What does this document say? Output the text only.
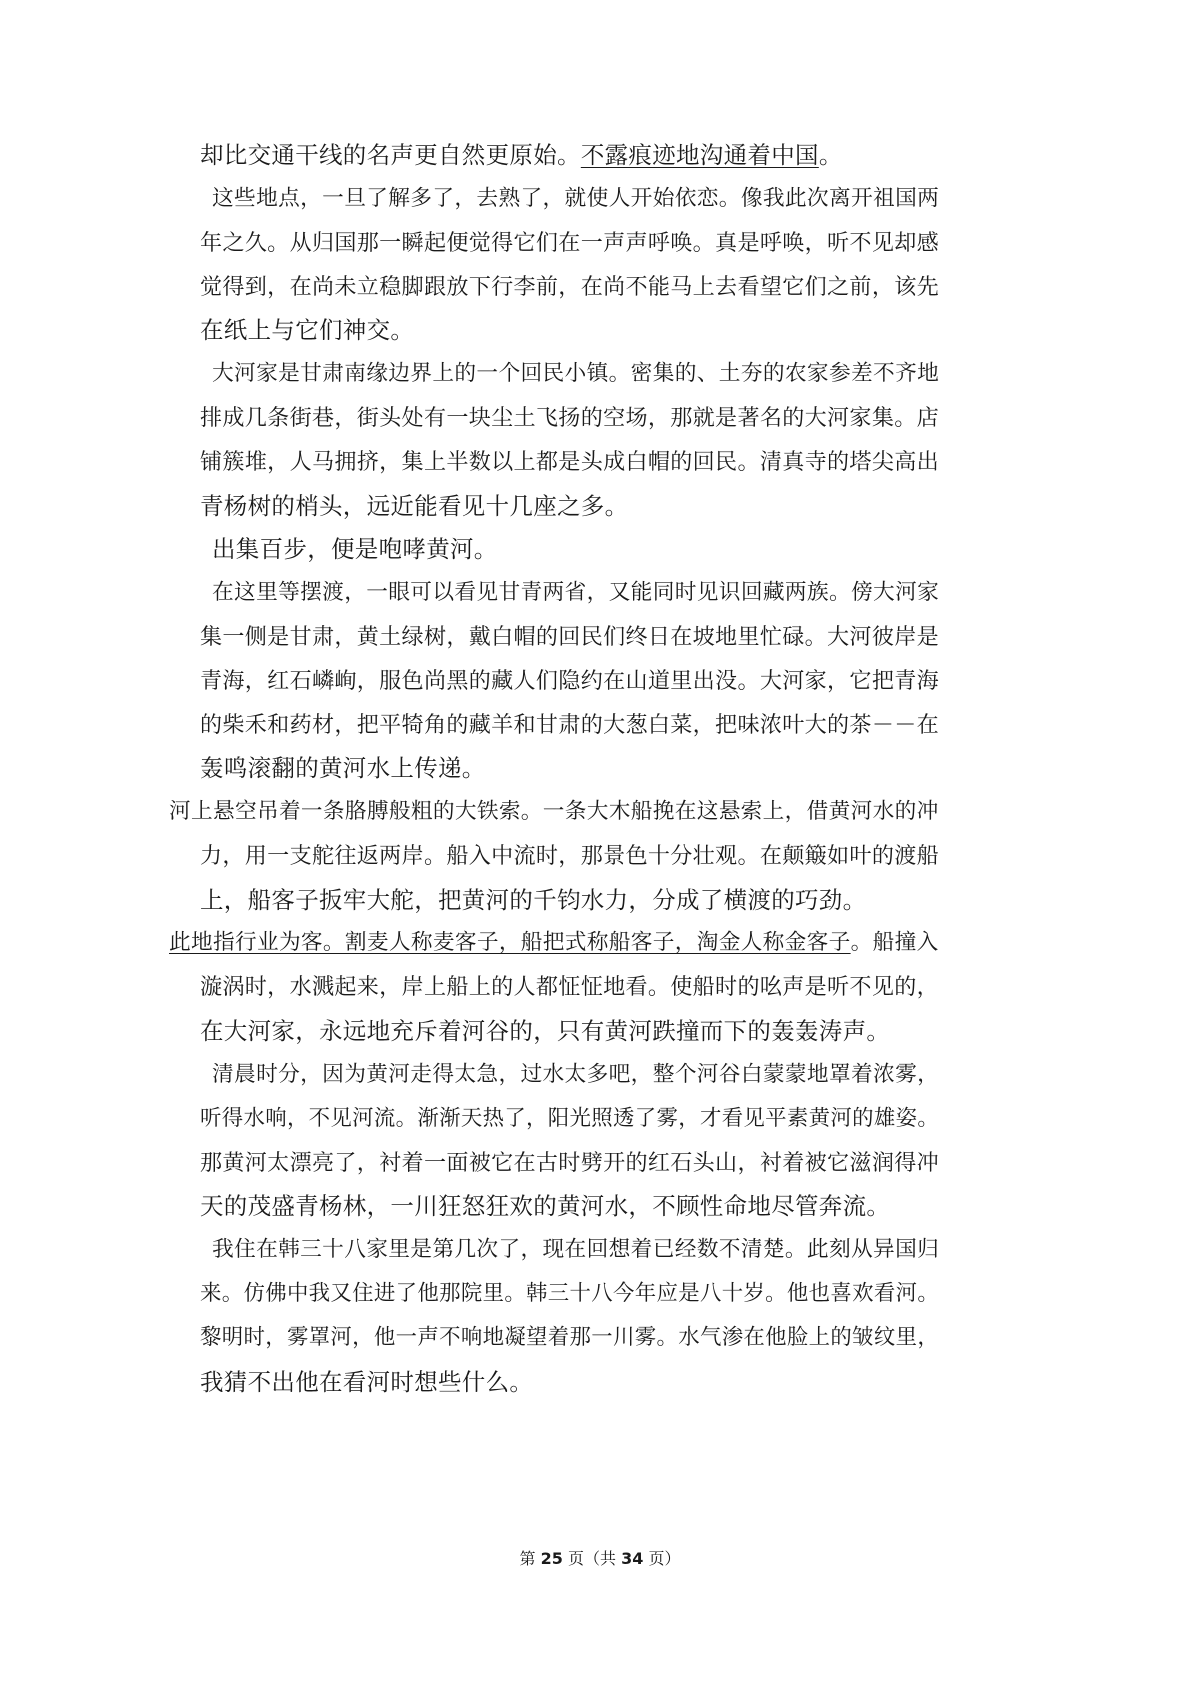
却比交通干线的名声更自然更原始。不露痕迹地沟通着中国。
这些地点，一旦了解多了，去熟了，就使人开始依恋。像我此次离开祖国两
年之久。从归国那一瞬起便觉得它们在一声声呼唤。真是呼唤，听不见却感
觉得到，在尚未立稳脚跟放下行李前，在尚不能马上去看望它们之前，该先
在纸上与它们神交。
大河家是甘肃南缘边界上的一个回民小镇。密集的、土夯的农家参差不齐地
排成几条街巷，街头处有一块尘土飞扬的空场，那就是著名的大河家集。店
铺簇堆，人马拥挤，集上半数以上都是头成白帽的回民。清真寺的塔尖高出
青杨树的梢头，远近能看见十几座之多。
出集百步，便是咆哮黄河。
在这里等摆渡，一眼可以看见甘青两省，又能同时见识回藏两族。傍大河家
集一侧是甘肃，黄土绿树，戴白帽的回民们终日在坡地里忙碌。大河彼岸是
青海，红石嶙峋，服色尚黑的藏人们隐约在山道里出没。大河家，它把青海
的柴禾和药材，把平犄角的藏羊和甘肃的大葱白菜，把味浓叶大的茶－－在
轰鸣滚翻的黄河水上传递。
河上悬空吊着一条胳膊般粗的大铁索。一条大木船挽在这悬索上，借黄河水的冲
力，用一支舵往返两岸。船入中流时，那景色十分壮观。在颠簸如叶的渡船
上，船客子扳牢大舵，把黄河的千钧水力，分成了横渡的巧劲。
此地指行业为客。割麦人称麦客子，船把式称船客子，淘金人称金客子。船撞入
漩涡时，水溅起来，岸上船上的人都怔怔地看。使船时的吆声是听不见的，
在大河家，永远地充斥着河谷的，只有黄河跌撞而下的轰轰涛声。
清晨时分，因为黄河走得太急，过水太多吧，整个河谷白蒙蒙地罩着浓雾，
听得水响，不见河流。渐渐天热了，阳光照透了雾，才看见平素黄河的雄姿。
那黄河太漂亮了，衬着一面被它在古时劈开的红石头山，衬着被它滋润得冲
天的茂盛青杨林，一川狂怒狂欢的黄河水，不顾性命地尽管奔流。
我住在韩三十八家里是第几次了，现在回想着已经数不清楚。此刻从异国归
来。仿佛中我又住进了他那院里。韩三十八今年应是八十岁。他也喜欢看河。
黎明时，雾罩河，他一声不响地凝望着那一川雾。水气渗在他脸上的皱纹里，
我猜不出他在看河时想些什么。
第 25 页（共 34 页）
